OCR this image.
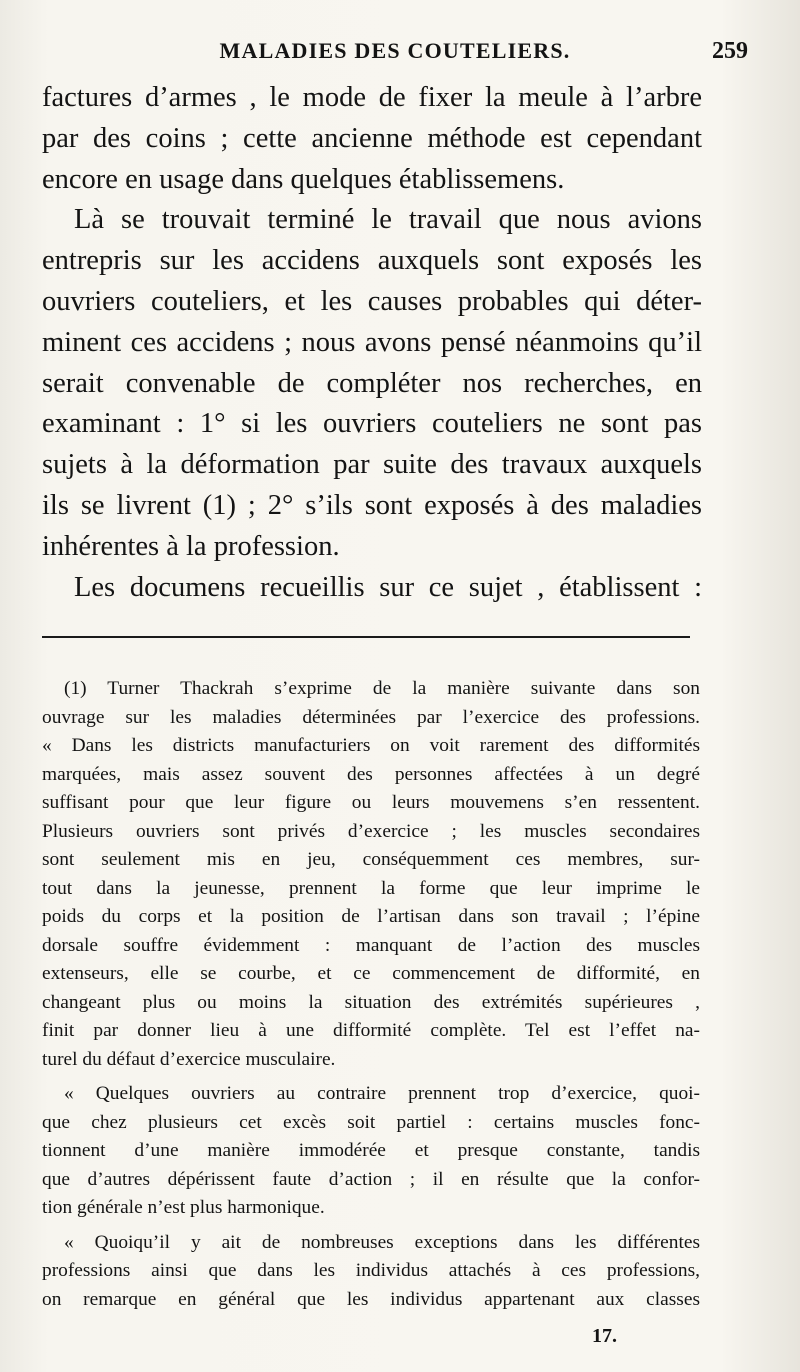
MALADIES DES COUTELIERS.	259
factures d’armes , le mode de fixer la meule à l’arbre
par des coins ; cette ancienne méthode est cependant
encore en usage dans quelques établissemens.
Là se trouvait terminé le travail que nous avions
entrepris sur les accidens auxquels sont exposés les
ouvriers couteliers, et les causes probables qui déter-
minent ces accidens ; nous avons pensé néanmoins qu’il
serait convenable de compléter nos recherches, en
examinant : 1° si les ouvriers couteliers ne sont pas
sujets à la déformation par suite des travaux auxquels
ils se livrent (1) ; 2° s’ils sont exposés à des maladies
inhérentes à la profession.
Les documens recueillis sur ce sujet , établissent :
(1) Turner Thackrah s’exprime de la manière suivante dans son
ouvrage sur les maladies déterminées par l’exercice des professions.
« Dans les districts manufacturiers on voit rarement des difformités
marquées, mais assez souvent des personnes affectées à un degré
suffisant pour que leur figure ou leurs mouvemens s’en ressentent.
Plusieurs ouvriers sont privés d’exercice ; les muscles secondaires
sont seulement mis en jeu, conséquemment ces membres, sur-
tout dans la jeunesse, prennent la forme que leur imprime le
poids du corps et la position de l’artisan dans son travail ; l’épine
dorsale souffre évidemment : manquant de l’action des muscles
extenseurs, elle se courbe, et ce commencement de difformité, en
changeant plus ou moins la situation des extrémités supérieures ,
finit par donner lieu à une difformité complète. Tel est l’effet na-
turel du défaut d’exercice musculaire.
« Quelques ouvriers au contraire prennent trop d’exercice, quoi-
que chez plusieurs cet excès soit partiel : certains muscles fonc-
tionnent d’une manière immodérée et presque constante, tandis
que d’autres dépérissent faute d’action ; il en résulte que la confor-
tion générale n’est plus harmonique.
« Quoiqu’il y ait de nombreuses exceptions dans les différentes
professions ainsi que dans les individus attachés à ces professions,
on remarque en général que les individus appartenant aux classes
17.
